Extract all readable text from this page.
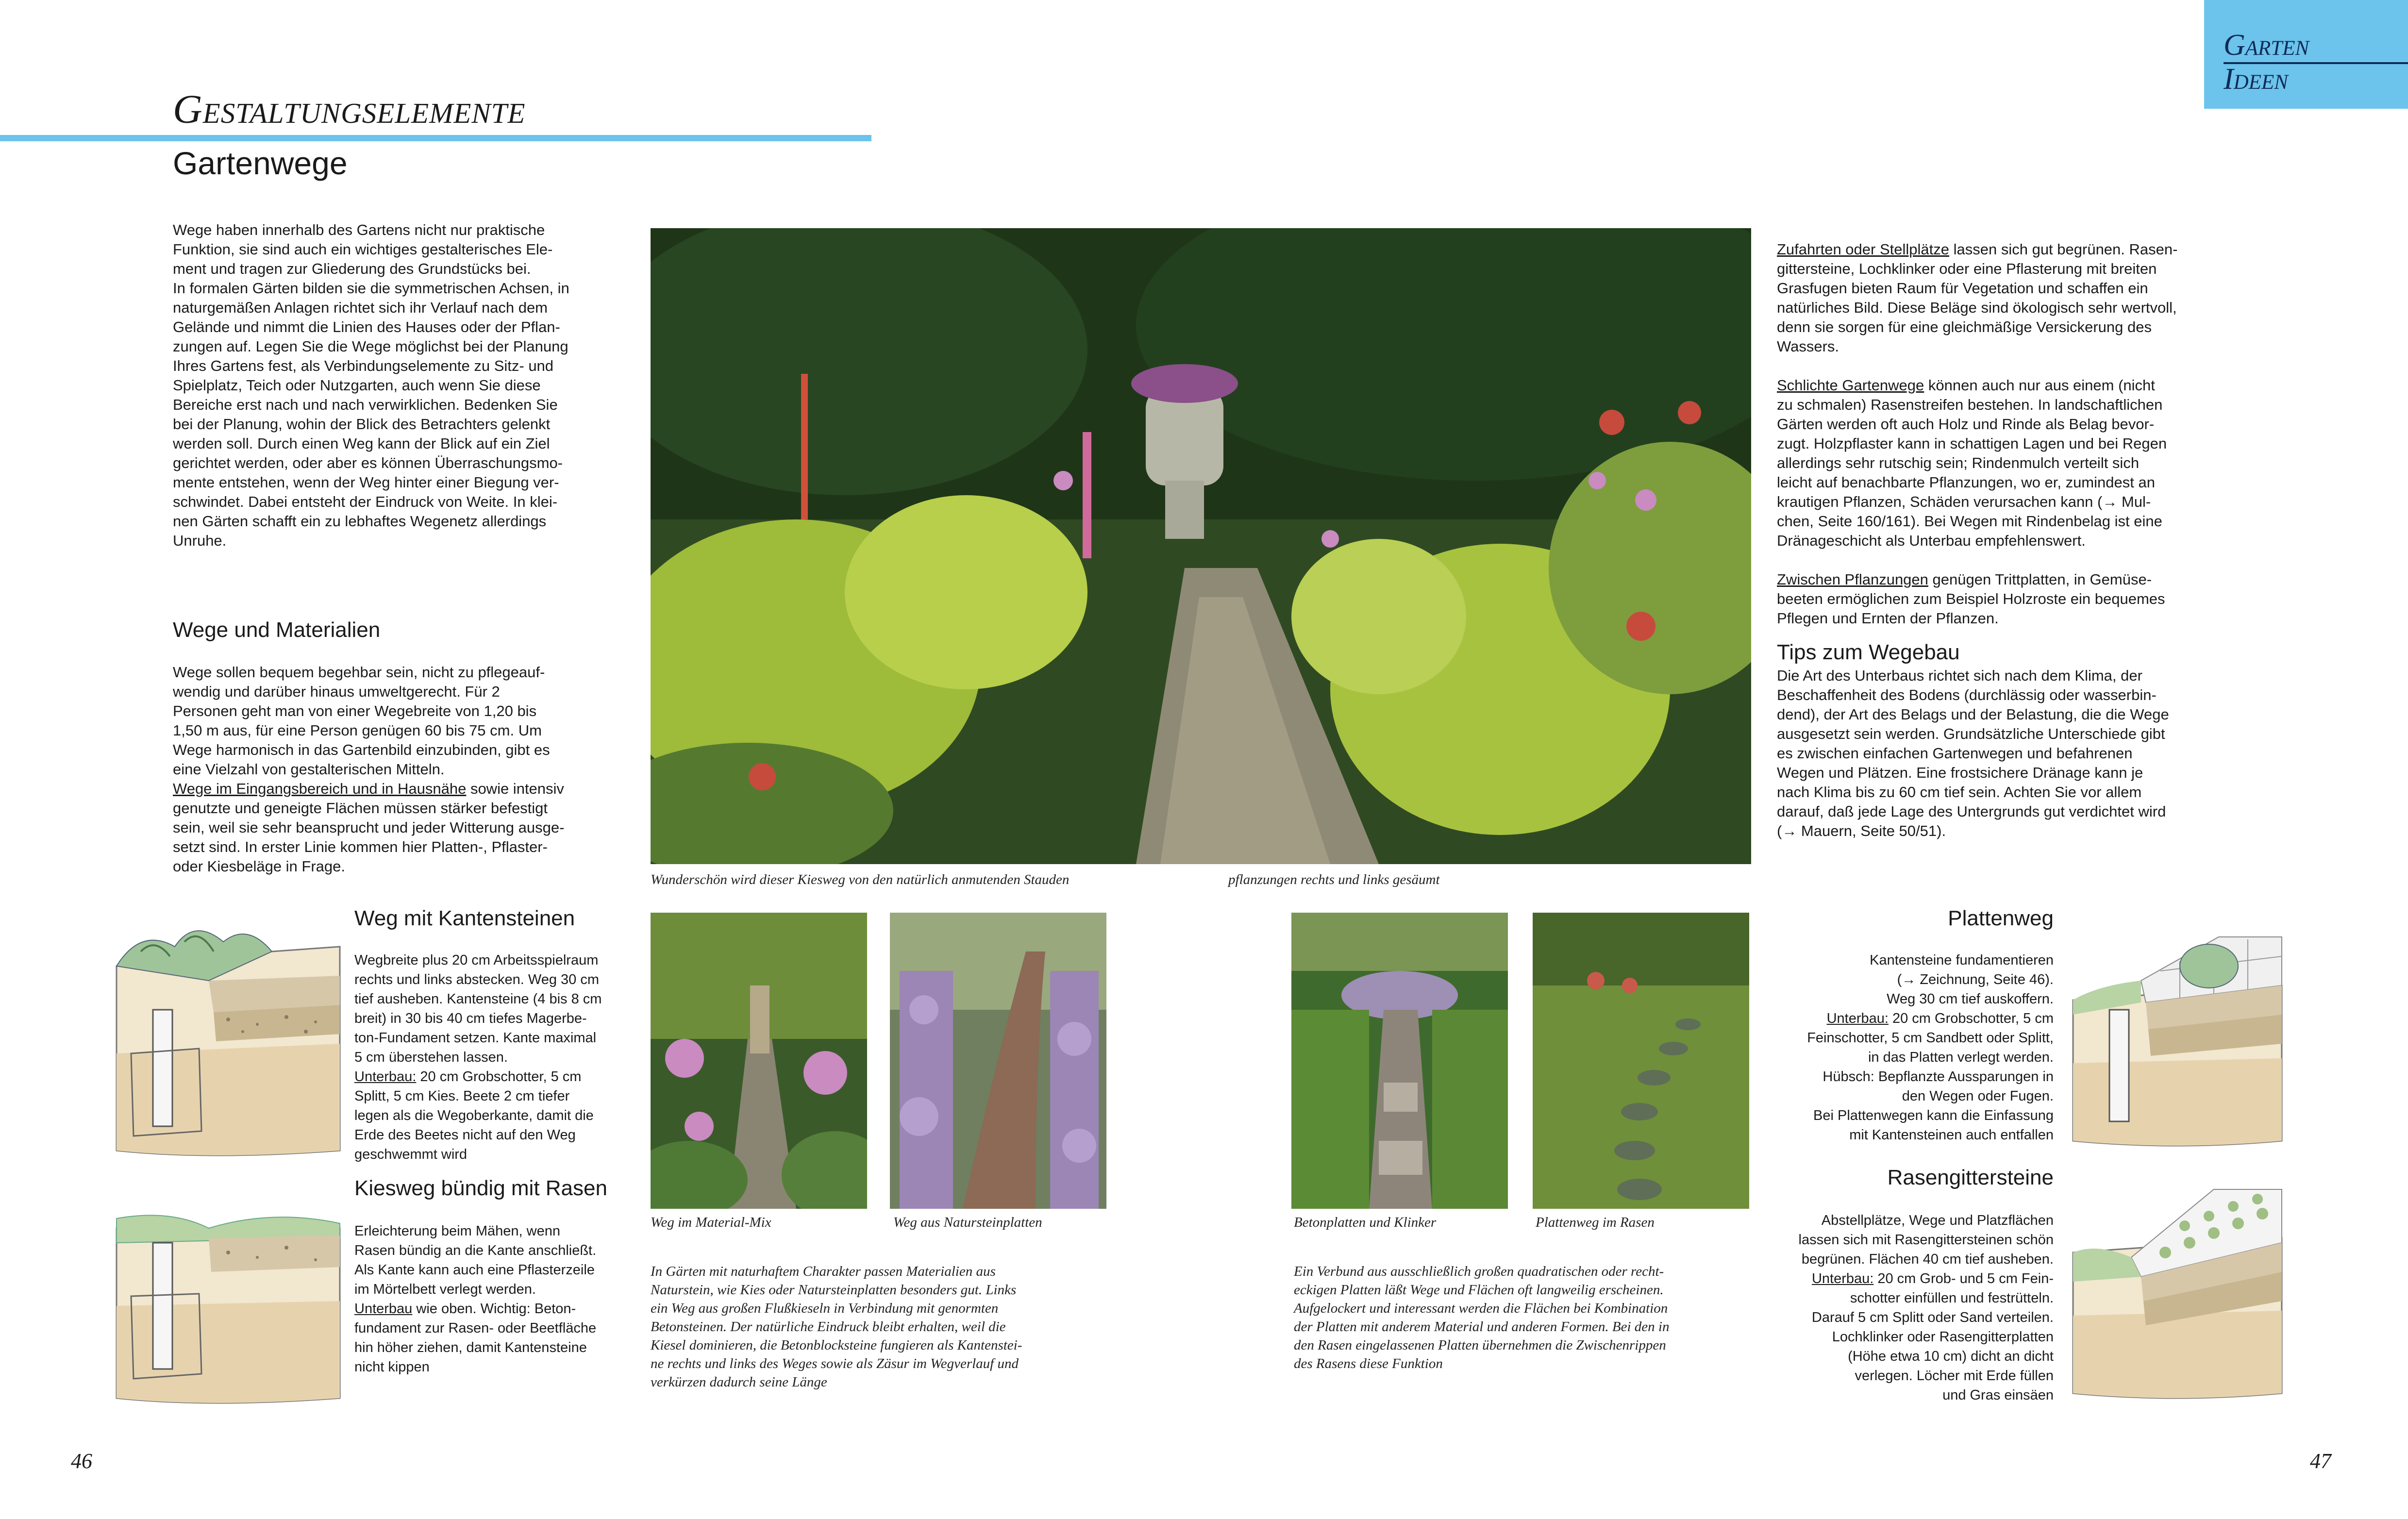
Gestaltungselemente
Gartenwege
Garten
Ideen
Wege haben innerhalb des Gartens nicht nur praktische
Funktion, sie sind auch ein wichtiges gestalterisches Ele-
ment und tragen zur Gliederung des Grundstücks bei.
In formalen Gärten bilden sie die symmetrischen Achsen, in
naturgemäßen Anlagen richtet sich ihr Verlauf nach dem
Gelände und nimmt die Linien des Hauses oder der Pflan-
zungen auf. Legen Sie die Wege möglichst bei der Planung
Ihres Gartens fest, als Verbindungselemente zu Sitz- und
Spielplatz, Teich oder Nutzgarten, auch wenn Sie diese
Bereiche erst nach und nach verwirklichen. Bedenken Sie
bei der Planung, wohin der Blick des Betrachters gelenkt
werden soll. Durch einen Weg kann der Blick auf ein Ziel
gerichtet werden, oder aber es können Überraschungsmo-
mente entstehen, wenn der Weg hinter einer Biegung ver-
schwindet. Dabei entsteht der Eindruck von Weite. In klei-
nen Gärten schafft ein zu lebhaftes Wegenetz allerdings
Unruhe.
Wege und Materialien

Wege sollen bequem begehbar sein, nicht zu pflegeauf-
wendig und darüber hinaus umweltgerecht. Für 2
Personen geht man von einer Wegebreite von 1,20 bis
1,50 m aus, für eine Person genügen 60 bis 75 cm. Um
Wege harmonisch in das Gartenbild einzubinden, gibt es
eine Vielzahl von gestalterischen Mitteln.

Wege im Eingangsbereich und in Hausnähe sowie intensiv
genutzte und geneigte Flächen müssen stärker befestigt
sein, weil sie sehr beansprucht und jeder Witterung ausge-
setzt sind. In erster Linie kommen hier Platten-, Pflaster-
oder Kiesbeläge in Frage.

Weg mit Kantensteinen

Wegbreite plus 20 cm Arbeitsspielraum
rechts und links abstecken. Weg 30 cm
tief ausheben. Kantensteine (4 bis 8 cm
breit) in 30 bis 40 cm tiefes Magerbe-
ton-Fundament setzen. Kante maximal
5 cm überstehen lassen.

Unterbau: 20 cm Grobschotter, 5 cm
Splitt, 5 cm Kies. Beete 2 cm tiefer
legen als die Wegoberkante, damit die
Erde des Beetes nicht auf den Weg
geschwemmt wird

Kiesweg bündig mit Rasen

Erleichterung beim Mähen, wenn
Rasen bündig an die Kante anschließt.
Als Kante kann auch eine Pflasterzeile
im Mörtelbett verlegt werden.

Unterbau wie oben. Wichtig: Beton-
fundament zur Rasen- oder Beetfläche
hin höher ziehen, damit Kantensteine
nicht kippen

Wunderschön wird dieser Kiesweg von den natürlich anmutenden Stauden	pflanzungen rechts und links gesäumt
Weg im Material-Mix	Weg aus Natursteinplatten
In Gärten mit naturhaftem Charakter passen Materialien aus
Naturstein, wie Kies oder Natursteinplatten besonders gut. Links
ein Weg aus großen Flußkieseln in Verbindung mit genormten
Betonsteinen. Der natürliche Eindruck bleibt erhalten, weil die
Kiesel dominieren, die Betonblocksteine fungieren als Kantenstei-
ne rechts und links des Weges sowie als Zäsur im Wegverlauf und
verkürzen dadurch seine Länge
Betonplatten und Klinker	Plattenweg im Rasen
Ein Verbund aus ausschließlich großen quadratischen oder recht-
eckigen Platten läßt Wege und Flächen oft langweilig erscheinen.
Aufgelockert und interessant werden die Flächen bei Kombination
der Platten mit anderem Material und anderen Formen. Bei den in
den Rasen eingelassenen Platten übernehmen die Zwischenrippen
des Rasens diese Funktion

Zufahrten oder Stellplätze lassen sich gut begrünen. Rasen-
gittersteine, Lochklinker oder eine Pflasterung mit breiten
Grasfugen bieten Raum für Vegetation und schaffen ein
natürliches Bild. Diese Beläge sind ökologisch sehr wertvoll,
denn sie sorgen für eine gleichmäßige Versickerung des
Wassers.

Schlichte Gartenwege können auch nur aus einem (nicht
zu schmalen) Rasenstreifen bestehen. In landschaftlichen
Gärten werden oft auch Holz und Rinde als Belag bevor-
zugt. Holzpflaster kann in schattigen Lagen und bei Regen
allerdings sehr rutschig sein; Rindenmulch verteilt sich
leicht auf benachbarte Pflanzungen, wo er, zumindest an
krautigen Pflanzen, Schäden verursachen kann (→ Mul-
chen, Seite 160/161). Bei Wegen mit Rindenbelag ist eine
Dränageschicht als Unterbau empfehlenswert.

Zwischen Pflanzungen genügen Trittplatten, in Gemüse-
beeten ermöglichen zum Beispiel Holzroste ein bequemes
Pflegen und Ernten der Pflanzen.

Tips zum Wegebau
Die Art des Unterbaus richtet sich nach dem Klima, der
Beschaffenheit des Bodens (durchlässig oder wasserbin-
dend), der Art des Belags und der Belastung, die die Wege
ausgesetzt sein werden. Grundsätzliche Unterschiede gibt
es zwischen einfachen Gartenwegen und befahrenen
Wegen und Plätzen. Eine frostsichere Dränage kann je
nach Klima bis zu 60 cm tief sein. Achten Sie vor allem
darauf, daß jede Lage des Untergrunds gut verdichtet wird
(→ Mauern, Seite 50/51).
Plattenweg

Kantensteine fundamentieren
(→ Zeichnung, Seite 46).
Weg 30 cm tief auskoffern.

Unterbau: 20 cm Grobschotter, 5 cm
Feinschotter, 5 cm Sandbett oder Splitt,
in das Platten verlegt werden.
Hübsch: Bepflanzte Aussparungen in
den Wegen oder Fugen.
Bei Plattenwegen kann die Einfassung
mit Kantensteinen auch entfallen

Rasengittersteine

Abstellplätze, Wege und Platzflächen
lassen sich mit Rasengittersteinen schön
begrünen. Flächen 40 cm tief ausheben.

Unterbau: 20 cm Grob- und 5 cm Fein-
schotter einfüllen und festrütteln.
Darauf 5 cm Splitt oder Sand verteilen.
Lochklinker oder Rasengitterplatten
(Höhe etwa 10 cm) dicht an dicht
verlegen. Löcher mit Erde füllen
und Gras einsäen

46	47
